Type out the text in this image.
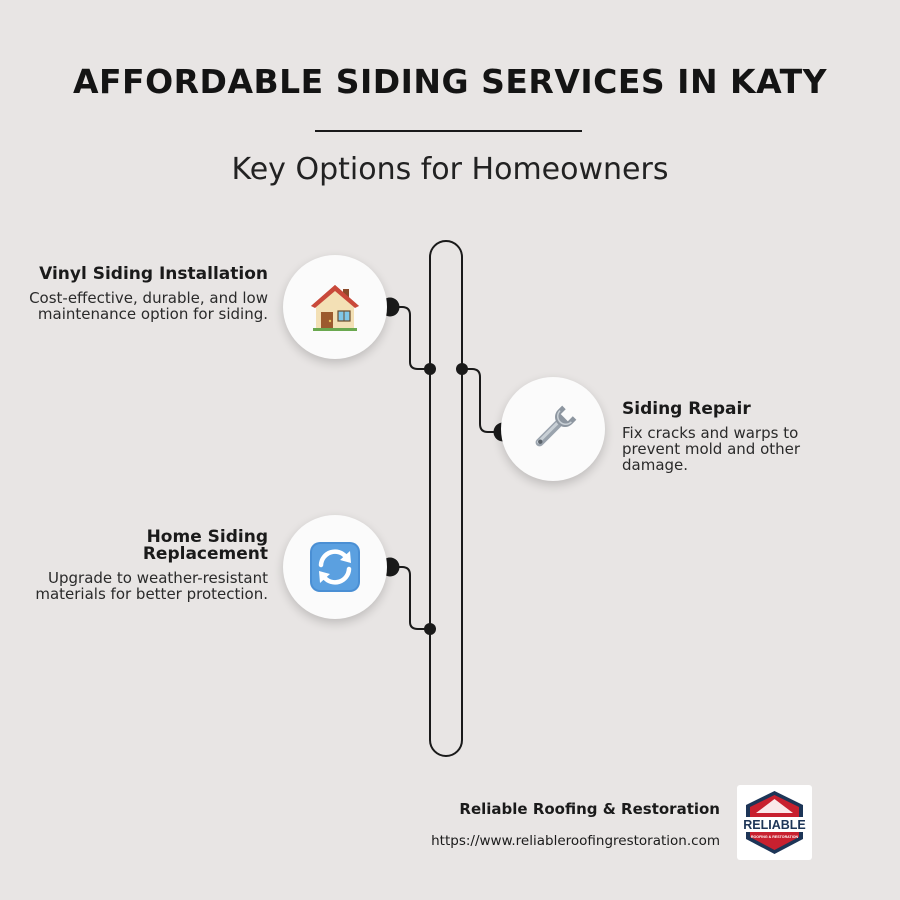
AFFORDABLE SIDING SERVICES IN KATY
Key Options for Homeowners
Vinyl Siding Installation
Cost-effective, durable, and low maintenance option for siding.
Siding Repair
Fix cracks and warps to prevent mold and other damage.
Home Siding Replacement
Upgrade to weather-resistant materials for better protection.
Reliable Roofing & Restoration
https://www.reliableroofingrestoration.com
RELIABLE
ROOFING & RESTORATION
